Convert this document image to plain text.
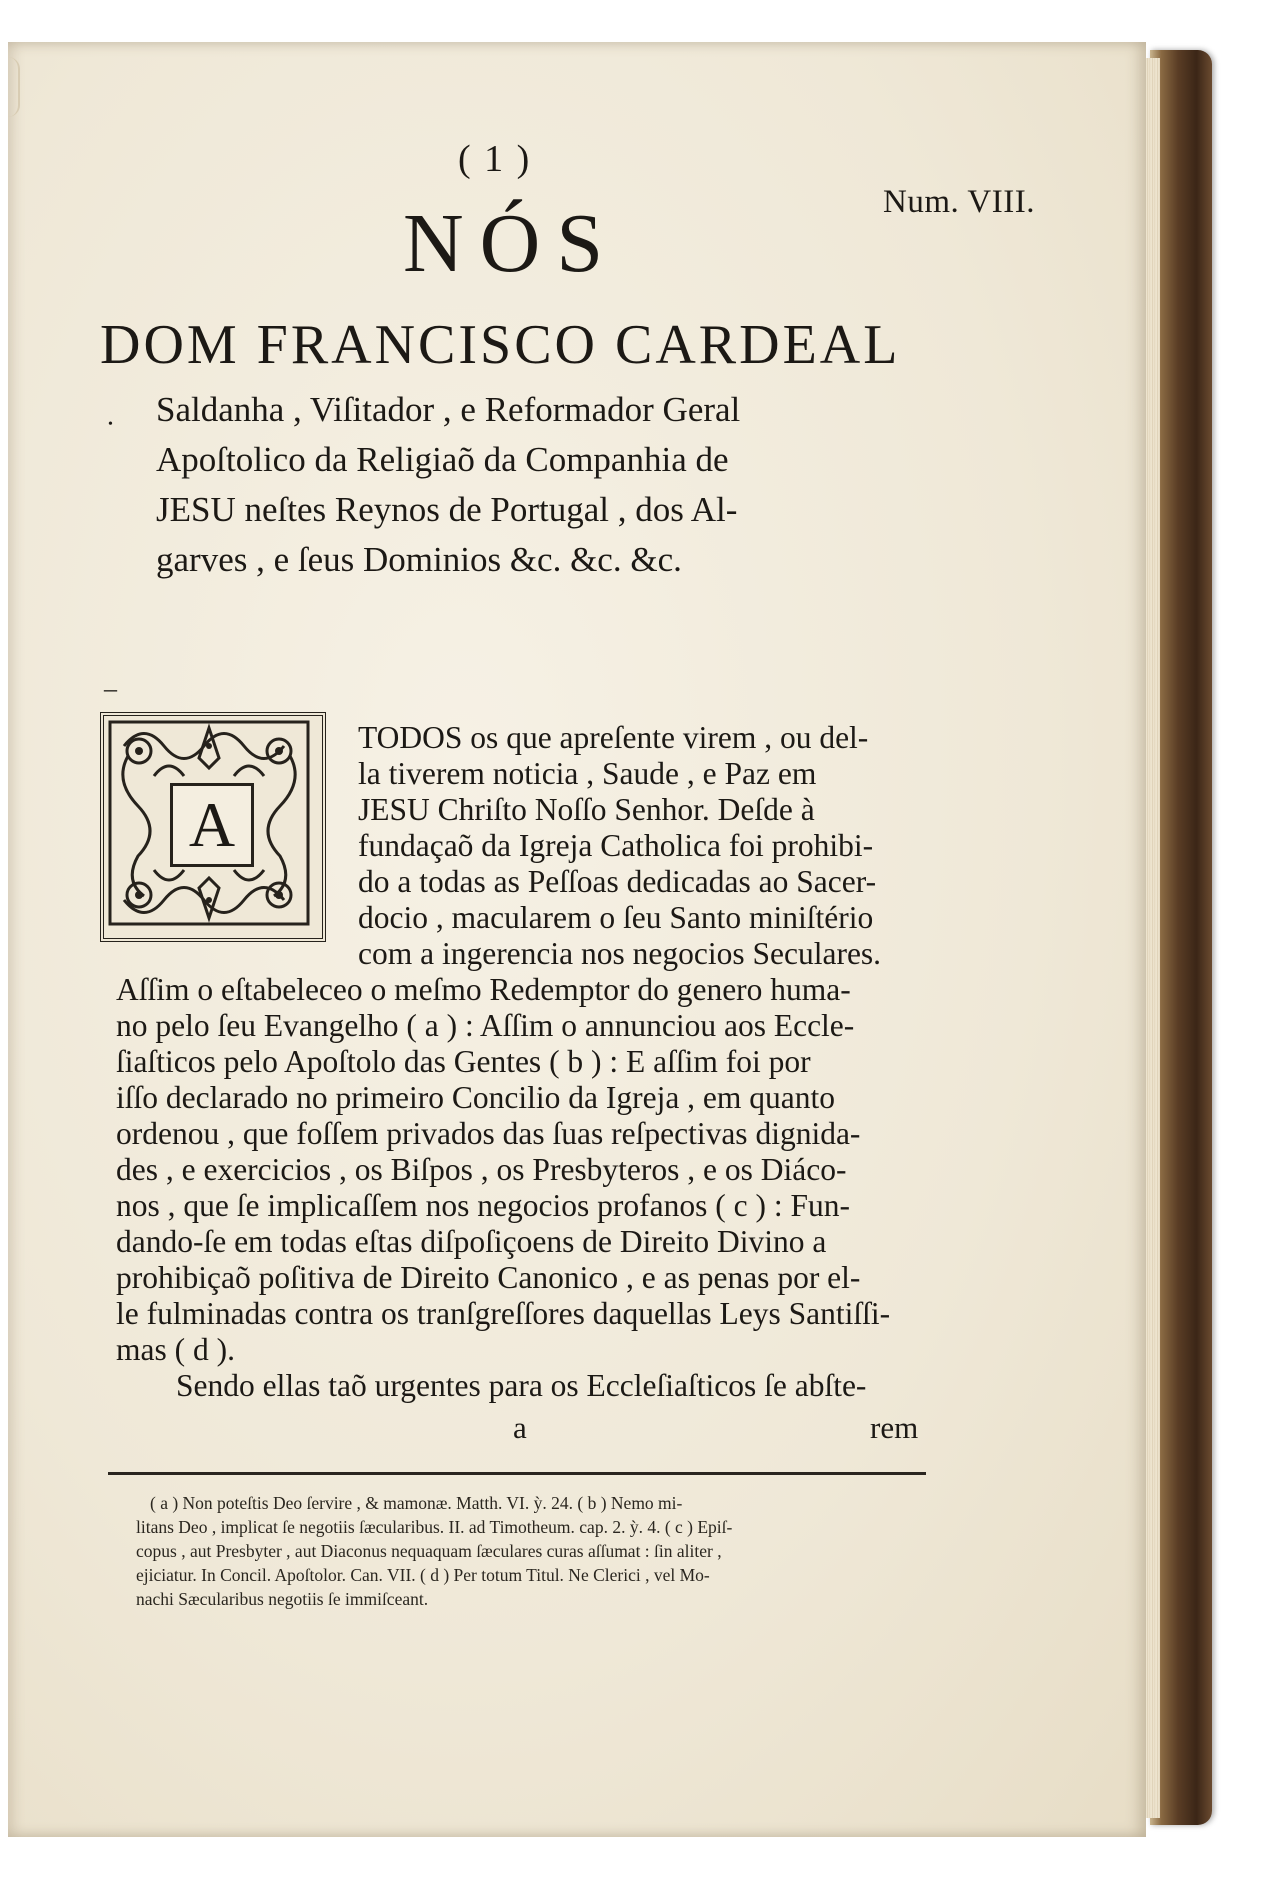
( 1 )

Num. VIII.

NÓS
DOM FRANCISCO CARDEAL
• Saldanha , Viſitador , e Reformador Geral

Apoſtolico da Religiaõ da Companhia de

JESU neſtes Reynos de Portugal , dos Al-

garves , e ſeus Dominios &c. &c. &c.

–
A

TODOS os que apreſente virem , ou del-

la tiverem noticia , Saude , e Paz em

JESU Chriſto Noſſo Senhor. Deſde à

fundaçaõ da Igreja Catholica foi prohibi-

do a todas as Peſſoas dedicadas ao Sacer-

docio , macularem o ſeu Santo miniſtério

com a ingerencia nos negocios Seculares.

Aſſim o eſtabeleceo o meſmo Redemptor do genero huma-

no pelo ſeu Evangelho ( a ) : Aſſim o annunciou aos Eccle-

ſiaſticos pelo Apoſtolo das Gentes ( b ) : E aſſim foi por

iſſo declarado no primeiro Concilio da Igreja , em quanto

ordenou , que foſſem privados das ſuas reſpectivas dignida-

des , e exercicios , os Biſpos , os Presbyteros , e os Diáco-

nos , que ſe implicaſſem nos negocios profanos ( c ) : Fun-

dando-ſe em todas eſtas diſpoſiçoens de Direito Divino a

prohibiçaõ poſitiva de Direito Canonico , e as penas por el-

le fulminadas contra os tranſgreſſores daquellas Leys Santiſſi-

mas ( d ).

Sendo ellas taõ urgentes para os Eccleſiaſticos ſe abſte-

a	rem

( a ) Non poteſtis Deo ſervire , & mamonæ. Matth. VI. ỳ. 24. ( b ) Nemo mi-

litans Deo , implicat ſe negotiis ſæcularibus. II. ad Timotheum. cap. 2. ỳ. 4. ( c ) Epiſ-

copus , aut Presbyter , aut Diaconus nequaquam ſæculares curas aſſumat : ſin aliter ,

ejiciatur. In Concil. Apoſtolor. Can. VII. ( d ) Per totum Titul. Ne Clerici , vel Mo-

nachi Sæcularibus negotiis ſe immiſceant.
